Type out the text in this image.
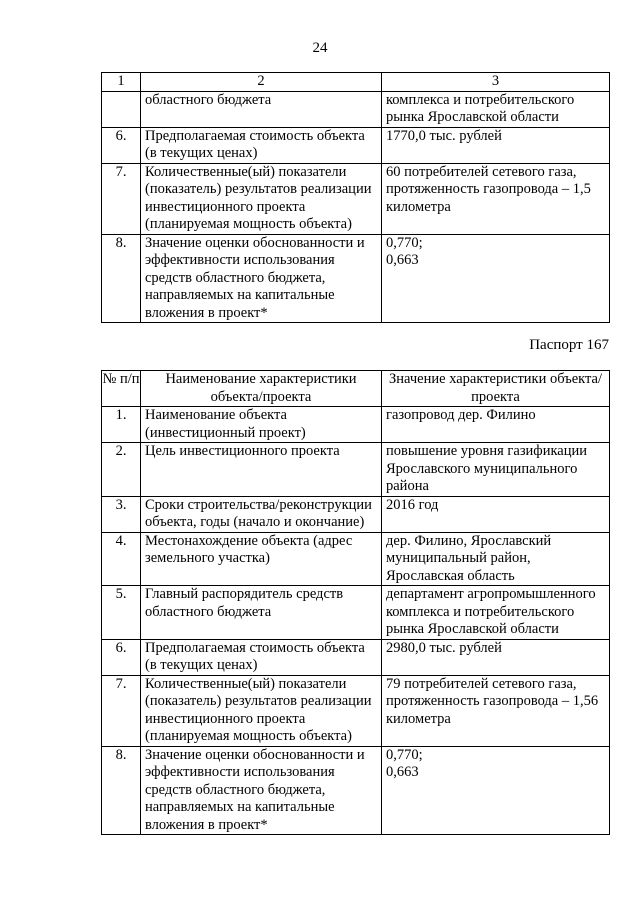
24
1	2	3
	областного бюджета	комплекса и потребительского рынка Ярославской области
6.	Предполагаемая стоимость объекта (в текущих ценах)	1770,0 тыс. рублей
7.	Количественные(ый) показатели (показатель) результатов реализации инвестиционного проекта (планируемая мощность объекта)	60 потребителей сетевого газа, протяженность газопровода – 1,5 километра
8.	Значение оценки обоснованности и эффективности использования средств областного бюджета, направляемых на капитальные вложения в проект*	0,770;
0,663
Паспорт 167
№ п/п	Наименование характеристики объекта/проекта	Значение характеристики объекта/проекта
1.	Наименование объекта (инвестиционный проект)	газопровод дер. Филино
2.	Цель инвестиционного проекта	повышение уровня газификации Ярославского муниципального района
3.	Сроки строительства/реконструкции объекта, годы (начало и окончание)	2016 год
4.	Местонахождение объекта (адрес земельного участка)	дер. Филино, Ярославский муниципальный район, Ярославская область
5.	Главный распорядитель средств областного бюджета	департамент агропромышленного комплекса и потребительского рынка Ярославской области
6.	Предполагаемая стоимость объекта (в текущих ценах)	2980,0 тыс. рублей
7.	Количественные(ый) показатели (показатель) результатов реализации инвестиционного проекта (планируемая мощность объекта)	79 потребителей сетевого газа, протяженность газопровода – 1,56 километра
8.	Значение оценки обоснованности и эффективности использования средств областного бюджета, направляемых на капитальные вложения в проект*	0,770;
0,663
